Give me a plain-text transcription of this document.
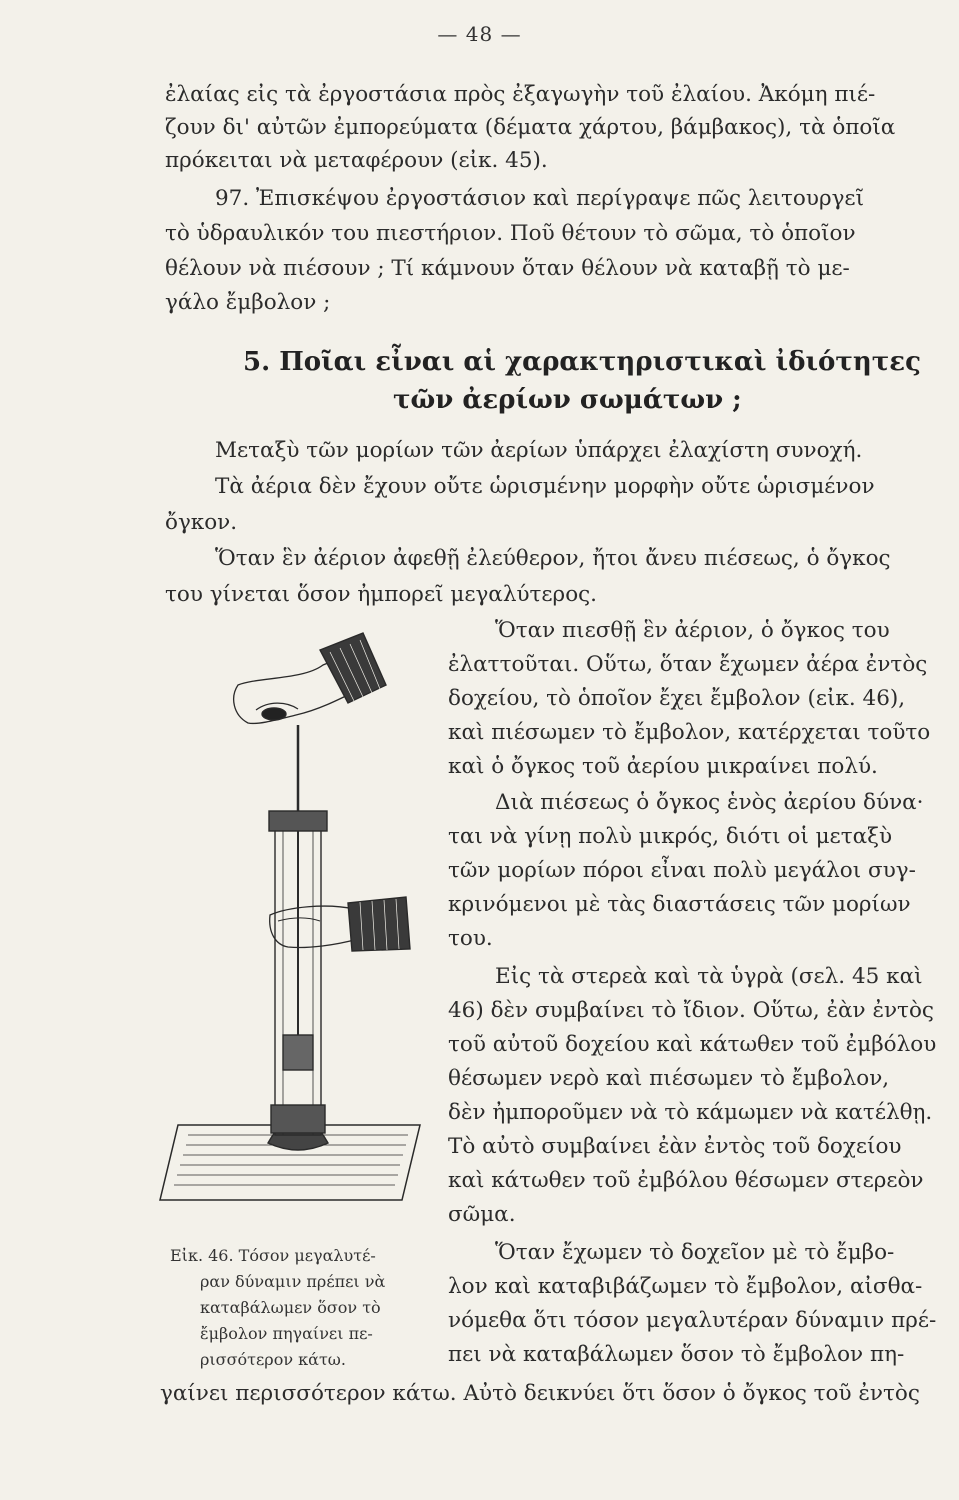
— 48 —
ἐλαίας εἰς τὰ ἐργοστάσια πρὸς ἐξαγωγὴν τοῦ ἐλαίου. Ἀκόμη πιέ-
ζουν δι' αὐτῶν ἐμπορεύματα (δέματα χάρτου, βάμβακος), τὰ ὁποῖα
πρόκειται νὰ μεταφέρουν (εἰκ. 45).
97. Ἐπισκέψου ἐργοστάσιον καὶ περίγραψε πῶς λειτουργεῖ
τὸ ὑδραυλικόν του πιεστήριον. Ποῦ θέτουν τὸ σῶμα, τὸ ὁποῖον
θέλουν νὰ πιέσουν ; Τί κάμνουν ὅταν θέλουν νὰ καταβῇ τὸ με-
γάλο ἔμβολον ;
5. Ποῖαι εἶναι αἱ χαρακτηριστικαὶ ἰδιότητες
τῶν ἀερίων σωμάτων ;
Μεταξὺ τῶν μορίων τῶν ἀερίων ὑπάρχει ἐλαχίστη συνοχή.
Τὰ ἀέρια δὲν ἔχουν οὔτε ὡρισμένην μορφὴν οὔτε ὡρισμένον
ὄγκον.
Ὅταν ἓν ἀέριον ἀφεθῇ ἐλεύθερον, ἤτοι ἄνευ πιέσεως, ὁ ὄγκος
του γίνεται ὅσον ἠμπορεῖ μεγαλύτερος.
Ὅταν πιεσθῇ ἓν ἀέριον, ὁ ὄγκος του
ἐλαττοῦται. Οὕτω, ὅταν ἔχωμεν ἀέρα ἐντὸς
δοχείου, τὸ ὁποῖον ἔχει ἔμβολον (εἰκ. 46),
καὶ πιέσωμεν τὸ ἔμβολον, κατέρχεται τοῦτο
καὶ ὁ ὄγκος τοῦ ἀερίου μικραίνει πολύ.
Διὰ πιέσεως ὁ ὄγκος ἑνὸς ἀερίου δύνα·
ται νὰ γίνῃ πολὺ μικρός, διότι οἱ μεταξὺ
τῶν μορίων πόροι εἶναι πολὺ μεγάλοι συγ-
κρινόμενοι μὲ τὰς διαστάσεις τῶν μορίων
του.
Εἰς τὰ στερεὰ καὶ τὰ ὑγρὰ (σελ. 45 καὶ
46) δὲν συμβαίνει τὸ ἴδιον. Οὕτω, ἐὰν ἐντὸς
τοῦ αὐτοῦ δοχείου καὶ κάτωθεν τοῦ ἐμβόλου
θέσωμεν νερὸ καὶ πιέσωμεν τὸ ἔμβολον,
δὲν ἠμποροῦμεν νὰ τὸ κάμωμεν νὰ κατέλθῃ.
Τὸ αὐτὸ συμβαίνει ἐὰν ἐντὸς τοῦ δοχείου
καὶ κάτωθεν τοῦ ἐμβόλου θέσωμεν στερεὸν
σῶμα.
Ὅταν ἔχωμεν τὸ δοχεῖον μὲ τὸ ἔμβο-
λον καὶ καταβιβάζωμεν τὸ ἔμβολον, αἰσθα-
νόμεθα ὅτι τόσον μεγαλυτέραν δύναμιν πρέ-
πει νὰ καταβάλωμεν ὅσον τὸ ἔμβολον πη-
Εἰκ. 46. Τόσον μεγαλυτέ-
ραν δύναμιν πρέπει νὰ
καταβάλωμεν ὅσον τὸ
ἔμβολον πηγαίνει πε-
ρισσότερον κάτω.
γαίνει περισσότερον κάτω. Αὐτὸ δεικνύει ὅτι ὅσον ὁ ὄγκος τοῦ ἐντὸς
